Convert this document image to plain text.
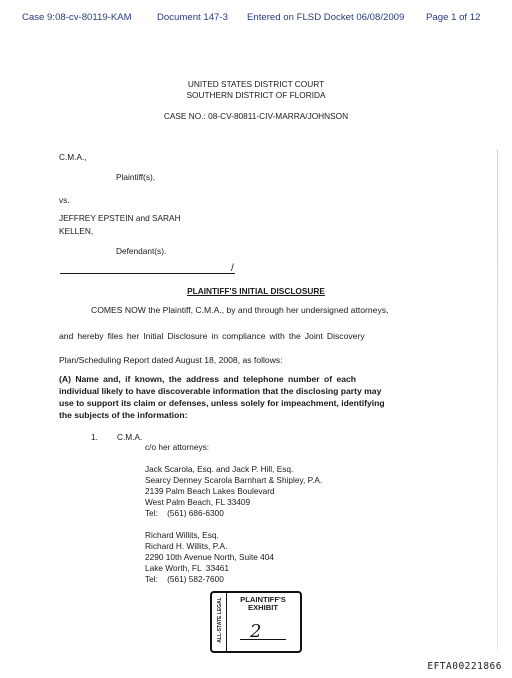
Case 9:08-cv-80119-KAM	Document 147-3 Entered on FLSD Docket 06/08/2009 Page 1 of 12
UNITED STATES DISTRICT COURT
SOUTHERN DISTRICT OF FLORIDA
CASE NO.: 08-CV-80811-CIV-MARRA/JOHNSON
C.M.A.,
Plaintiff(s),
vs.
JEFFREY EPSTEIN and SARAH
KELLEN,
Defendant(s).
/
PLAINTIFF'S INITIAL DISCLOSURE
COMES NOW the Plaintiff, C.M.A., by and through her undersigned attorneys,
and hereby files her Initial Disclosure in compliance with the Joint Discovery
Plan/Scheduling Report dated August 18, 2008, as follows:
(A) Name and, if known, the address and telephone number of each
individual likely to have discoverable information that the disclosing party may
use to support its claim or defenses, unless solely for impeachment, identifying
the subjects of the information:
1. C.M.A.
c/o her attorneys:
Jack Scarola, Esq. and Jack P. Hill, Esq.
Searcy Denney Scarola Barnhart & Shipley, P.A.
2139 Palm Beach Lakes Boulevard
West Palm Beach, FL 33409
Tel:    (561) 686-6300
Richard Willits, Esq.
Richard H. Willits, P.A.
2290 10th Avenue North, Suite 404
Lake Worth, FL  33461
Tel:    (561) 582-7600
ALL-STATE LEGAL	PLAINTIFF'S
EXHIBIT
2
EFTA00221866
